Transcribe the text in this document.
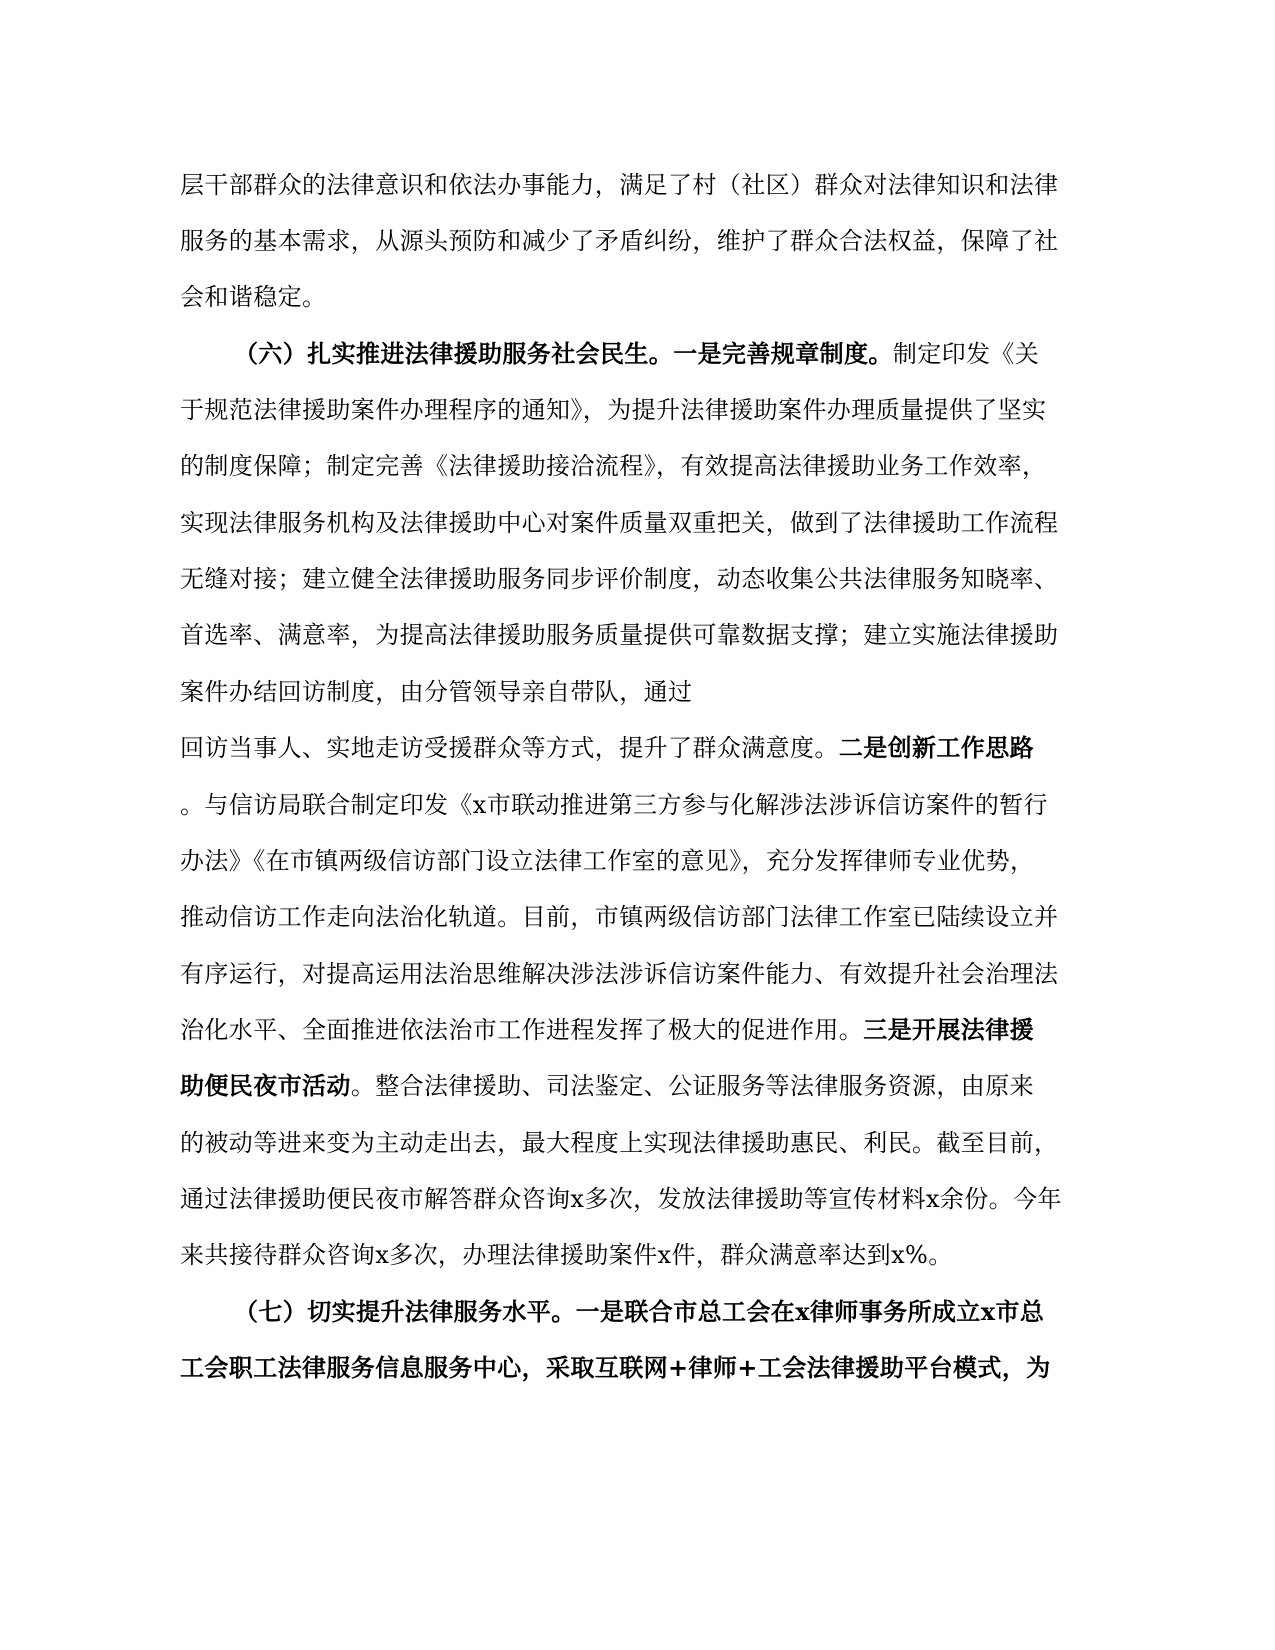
层干部群众的法律意识和依法办事能力，满足了村（社区）群众对法律知识和法律
服务的基本需求，从源头预防和减少了矛盾纠纷，维护了群众合法权益，保障了社
会和谐稳定。
（六）扎实推进法律援助服务社会民生。一是完善规章制度。制定印发《关
于规范法律援助案件办理程序的通知》，为提升法律援助案件办理质量提供了坚实
的制度保障；制定完善《法律援助接洽流程》，有效提高法律援助业务工作效率，
实现法律服务机构及法律援助中心对案件质量双重把关，做到了法律援助工作流程
无缝对接；建立健全法律援助服务同步评价制度，动态收集公共法律服务知晓率、
首选率、满意率，为提高法律援助服务质量提供可靠数据支撑；建立实施法律援助
案件办结回访制度，由分管领导亲自带队，通过
回访当事人、实地走访受援群众等方式，提升了群众满意度。二是创新工作思路
。与信访局联合制定印发《x市联动推进第三方参与化解涉法涉诉信访案件的暂行
办法》《在市镇两级信访部门设立法律工作室的意见》，充分发挥律师专业优势，
推动信访工作走向法治化轨道。目前，市镇两级信访部门法律工作室已陆续设立并
有序运行，对提高运用法治思维解决涉法涉诉信访案件能力、有效提升社会治理法
治化水平、全面推进依法治市工作进程发挥了极大的促进作用。三是开展法律援
助便民夜市活动。整合法律援助、司法鉴定、公证服务等法律服务资源，由原来
的被动等进来变为主动走出去，最大程度上实现法律援助惠民、利民。截至目前，
通过法律援助便民夜市解答群众咨询x多次，发放法律援助等宣传材料x余份。今年
来共接待群众咨询x多次，办理法律援助案件x件，群众满意率达到x%。
（七）切实提升法律服务水平。一是联合市总工会在x律师事务所成立x市总
工会职工法律服务信息服务中心，采取互联网+律师+工会法律援助平台模式，为
